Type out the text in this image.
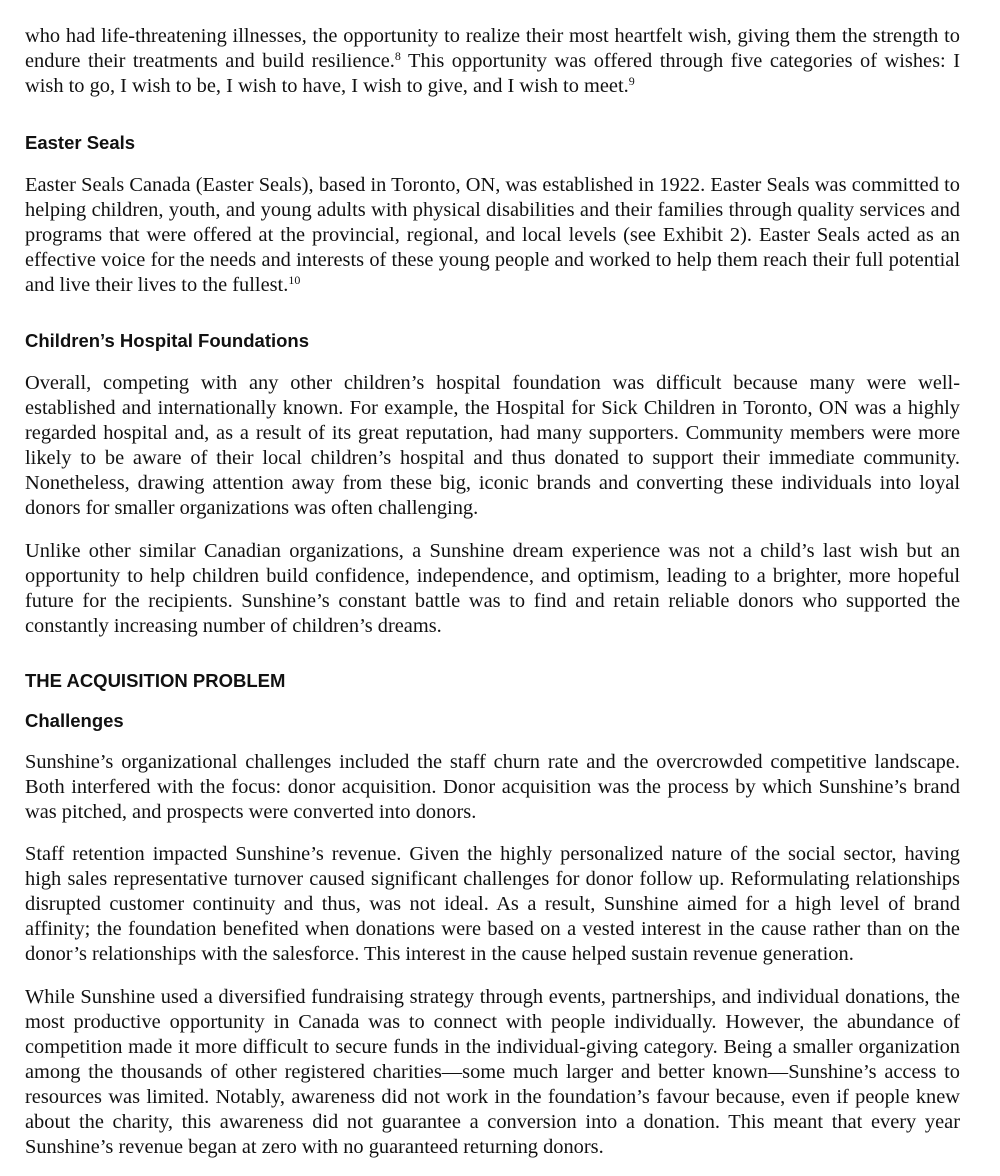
who had life-threatening illnesses, the opportunity to realize their most heartfelt wish, giving them the strength to endure their treatments and build resilience.$^8$ This opportunity was offered through five categories of wishes: I wish to go, I wish to be, I wish to have, I wish to give, and I wish to meet.$^9$

Easter Seals

Easter Seals Canada (Easter Seals), based in Toronto, ON, was established in 1922. Easter Seals was committed to helping children, youth, and young adults with physical disabilities and their families through quality services and programs that were offered at the provincial, regional, and local levels (see Exhibit 2). Easter Seals acted as an effective voice for the needs and interests of these young people and worked to help them reach their full potential and live their lives to the fullest.$^{10}$

Children’s Hospital Foundations

Overall, competing with any other children’s hospital foundation was difficult because many were well-established and internationally known. For example, the Hospital for Sick Children in Toronto, ON was a highly regarded hospital and, as a result of its great reputation, had many supporters. Community members were more likely to be aware of their local children’s hospital and thus donated to support their immediate community. Nonetheless, drawing attention away from these big, iconic brands and converting these individuals into loyal donors for smaller organizations was often challenging.

Unlike other similar Canadian organizations, a Sunshine dream experience was not a child’s last wish but an opportunity to help children build confidence, independence, and optimism, leading to a brighter, more hopeful future for the recipients. Sunshine’s constant battle was to find and retain reliable donors who supported the constantly increasing number of children’s dreams.

THE ACQUISITION PROBLEM
Challenges

Sunshine’s organizational challenges included the staff churn rate and the overcrowded competitive landscape. Both interfered with the focus: donor acquisition. Donor acquisition was the process by which Sunshine’s brand was pitched, and prospects were converted into donors.

Staff retention impacted Sunshine’s revenue. Given the highly personalized nature of the social sector, having high sales representative turnover caused significant challenges for donor follow up. Reformulating relationships disrupted customer continuity and thus, was not ideal. As a result, Sunshine aimed for a high level of brand affinity; the foundation benefited when donations were based on a vested interest in the cause rather than on the donor’s relationships with the salesforce. This interest in the cause helped sustain revenue generation.

While Sunshine used a diversified fundraising strategy through events, partnerships, and individual donations, the most productive opportunity in Canada was to connect with people individually. However, the abundance of competition made it more difficult to secure funds in the individual-giving category. Being a smaller organization among the thousands of other registered charities—some much larger and better known—Sunshine’s access to resources was limited. Notably, awareness did not work in the foundation’s favour because, even if people knew about the charity, this awareness did not guarantee a conversion into a donation. This meant that every year Sunshine’s revenue began at zero with no guaranteed returning donors.
